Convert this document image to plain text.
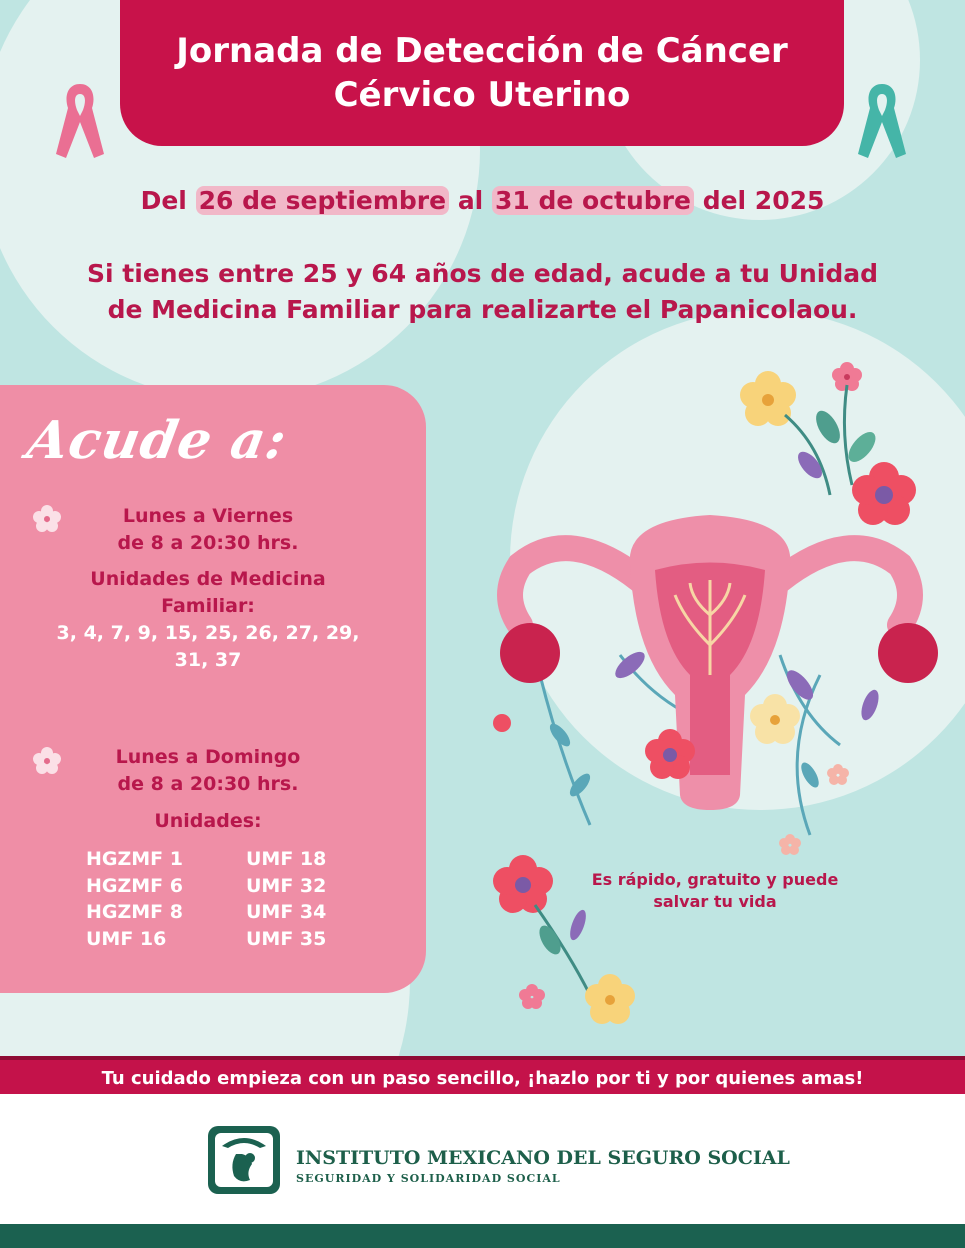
Jornada de Detección de Cáncer
Cérvico Uterino
Del 26 de septiembre al 31 de octubre del 2025
Si tienes entre 25 y 64 años de edad, acude a tu Unidad
de Medicina Familiar para realizarte el Papanicolaou.
Acude a:
Lunes a Viernes
de 8 a 20:30 hrs.
Unidades de Medicina
Familiar:
3, 4, 7, 9, 15, 25, 26, 27, 29,
31, 37
Lunes a Domingo
de 8 a 20:30 hrs.
Unidades:
HGZMF 1	UMF 18
HGZMF 6	UMF 32
HGZMF 8	UMF 34
UMF 16	UMF 35
Es rápido, gratuito y puede
salvar tu vida
Tu cuidado empieza con un paso sencillo, ¡hazlo por ti y por quienes amas!
INSTITUTO MEXICANO DEL SEGURO SOCIAL
SEGURIDAD Y SOLIDARIDAD SOCIAL
